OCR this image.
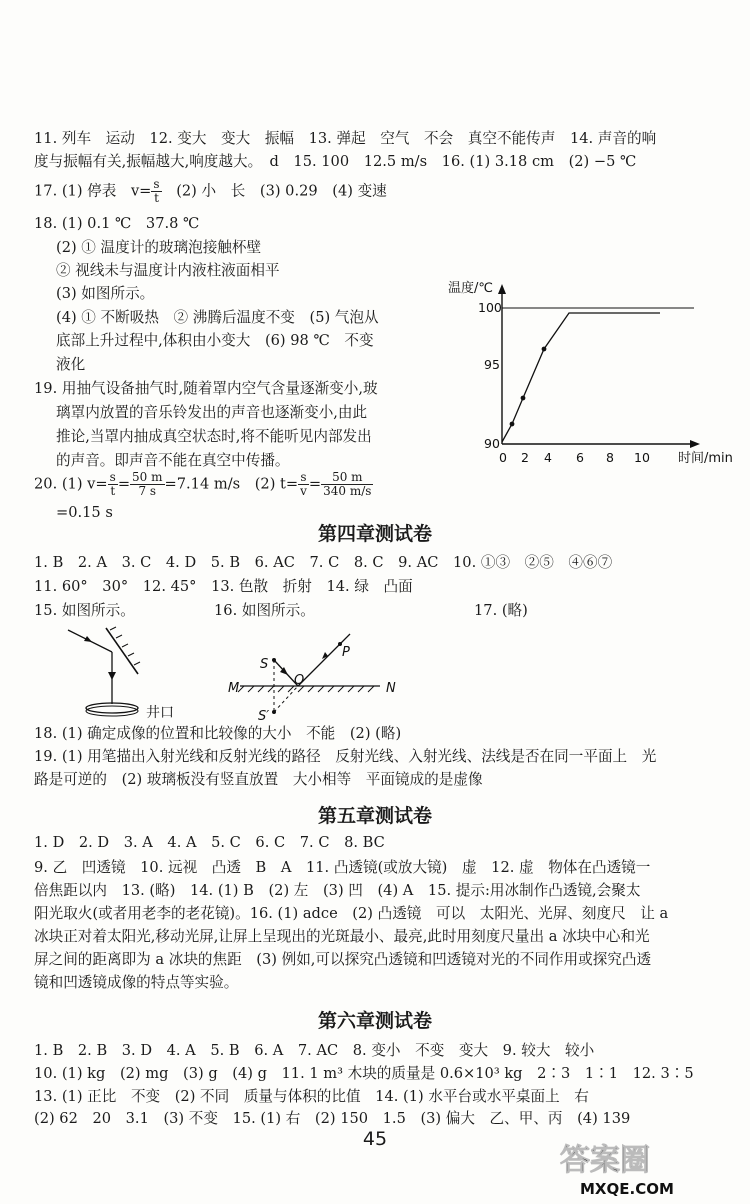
11. 列车　运动　12. 变大　变大　振幅　13. 弹起　空气　不会　真空不能传声　14. 声音的响
度与振幅有关,振幅越大,响度越大。　d　15. 100　12.5 m/s　16. (1) 3.18 cm　(2) −5 ℃
17. (1) 停表　$v= \frac{s}{t}$ 　(2) 小　长　(3) 0.29　(4) 变速
18. (1) 0.1 ℃　37.8 ℃
(2) ① 温度计的玻璃泡接触杯壁
② 视线未与温度计内液柱液面相平
(3) 如图所示。
(4) ① 不断吸热　② 沸腾后温度不变　(5) 气泡从
底部上升过程中,体积由小变大　(6) 98 ℃　不变
液化
19. 用抽气设备抽气时,随着罩内空气含量逐渐变小,玻
璃罩内放置的音乐铃发出的声音也逐渐变小,由此
推论,当罩内抽成真空状态时,将不能听见内部发出
的声音。即声音不能在真空中传播。
20. (1) $v= \frac{s}{t} = \frac{50 m}{7 s} =7.14$ m/s　(2) $t= \frac{s}{v} = \frac{50 m}{340 m/s}$
=0.15 s
温度/℃
时间/min
100
95
90
0 2 4 6 8 10
第四章测试卷
1. B　2. A　3. C　4. D　5. B　6. AC　7. C　8. C　9. AC　10. ①③　②⑤　④⑥⑦
11. 60°　30°　12. 45°　13. 色散　折射　14. 绿　凸面
15. 如图所示。	16. 如图所示。	17. (略)
井口
S
P
O
M	N
S′
18. (1) 确定成像的位置和比较像的大小　不能　(2) (略)
19. (1) 用笔描出入射光线和反射光线的路径　反射光线、入射光线、法线是否在同一平面上　光
路是可逆的　(2) 玻璃板没有竖直放置　大小相等　平面镜成的是虚像
第五章测试卷
1. D　2. D　3. A　4. A　5. C　6. C　7. C　8. BC
9. 乙　凹透镜　10. 远视　凸透　B　A　11. 凸透镜(或放大镜)　虚　12. 虚　物体在凸透镜一
倍焦距以内　13. (略)　14. (1) B　(2) 左　(3) 凹　(4) A　15. 提示:用冰制作凸透镜,会聚太
阳光取火(或者用老李的老花镜)。16. (1) adce　(2) 凸透镜　可以　太阳光、光屏、刻度尺　让 a
冰块正对着太阳光,移动光屏,让屏上呈现出的光斑最小、最亮,此时用刻度尺量出 a 冰块中心和光
屏之间的距离即为 a 冰块的焦距　(3) 例如,可以探究凸透镜和凹透镜对光的不同作用或探究凸透
镜和凹透镜成像的特点等实验。
第六章测试卷
1. B　2. B　3. D　4. A　5. B　6. A　7. AC　8. 变小　不变　变大　9. 较大　较小
10. (1) kg　(2) mg　(3) g　(4) g　11. 1 m³ 木块的质量是 0.6×10³ kg　2∶3　1∶1　12. 3∶5
13. (1) 正比　不变　(2) 不同　质量与体积的比值　14. (1) 水平台或水平桌面上　右
(2) 62　20　3.1　(3) 不变　15. (1) 右　(2) 150　1.5　(3) 偏大　乙、甲、丙　(4) 139
45
答案圈
MXQE.COM
